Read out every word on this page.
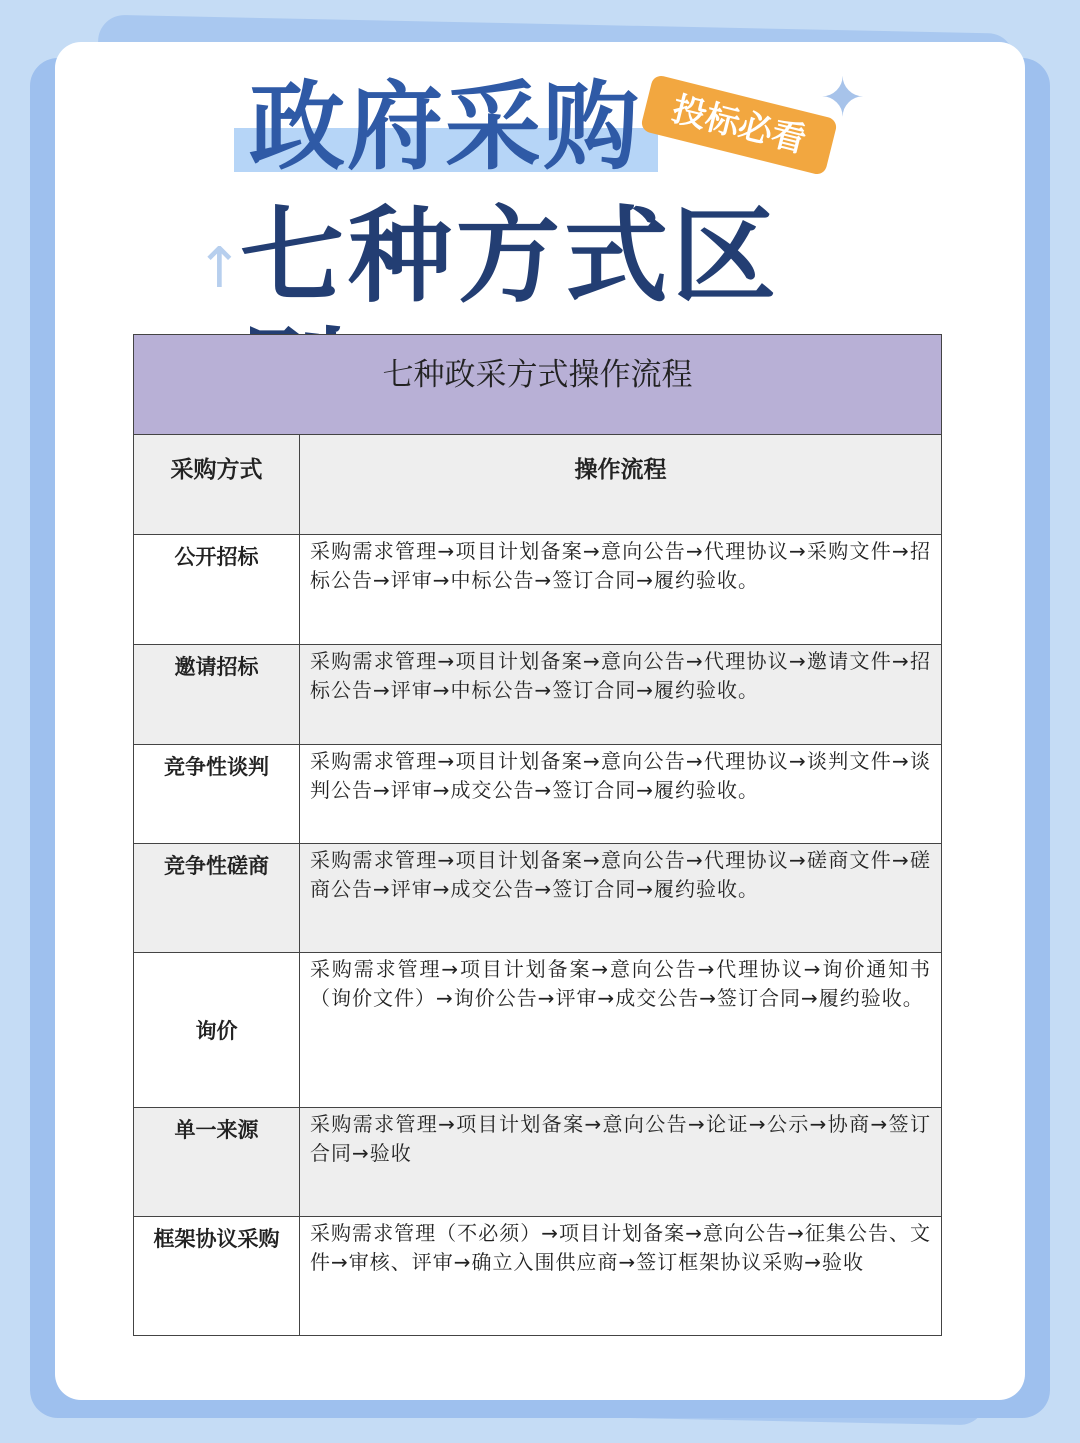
政府采购
七种方式区
投标必看 ✦
↑
七种政采方式操作流程	
采购方式	操作流程
公开招标	采购需求管理→项目计划备案→意向公告→代理协议→采购文件→招标公告→评审→中标公告→签订合同→履约验收。
邀请招标	采购需求管理→项目计划备案→意向公告→代理协议→邀请文件→招标公告→评审→中标公告→签订合同→履约验收。
竞争性谈判	采购需求管理→项目计划备案→意向公告→代理协议→谈判文件→谈判公告→评审→成交公告→签订合同→履约验收。
竞争性磋商	采购需求管理→项目计划备案→意向公告→代理协议→磋商文件→磋商公告→评审→成交公告→签订合同→履约验收。
询价	采购需求管理→项目计划备案→意向公告→代理协议→询价通知书（询价文件）→询价公告→评审→成交公告→签订合同→履约验收。
单一来源	采购需求管理→项目计划备案→意向公告→论证→公示→协商→签订合同→验收
框架协议采购	采购需求管理（不必须）→项目计划备案→意向公告→征集公告、文件→审核、评审→确立入围供应商→签订框架协议采购→验收
